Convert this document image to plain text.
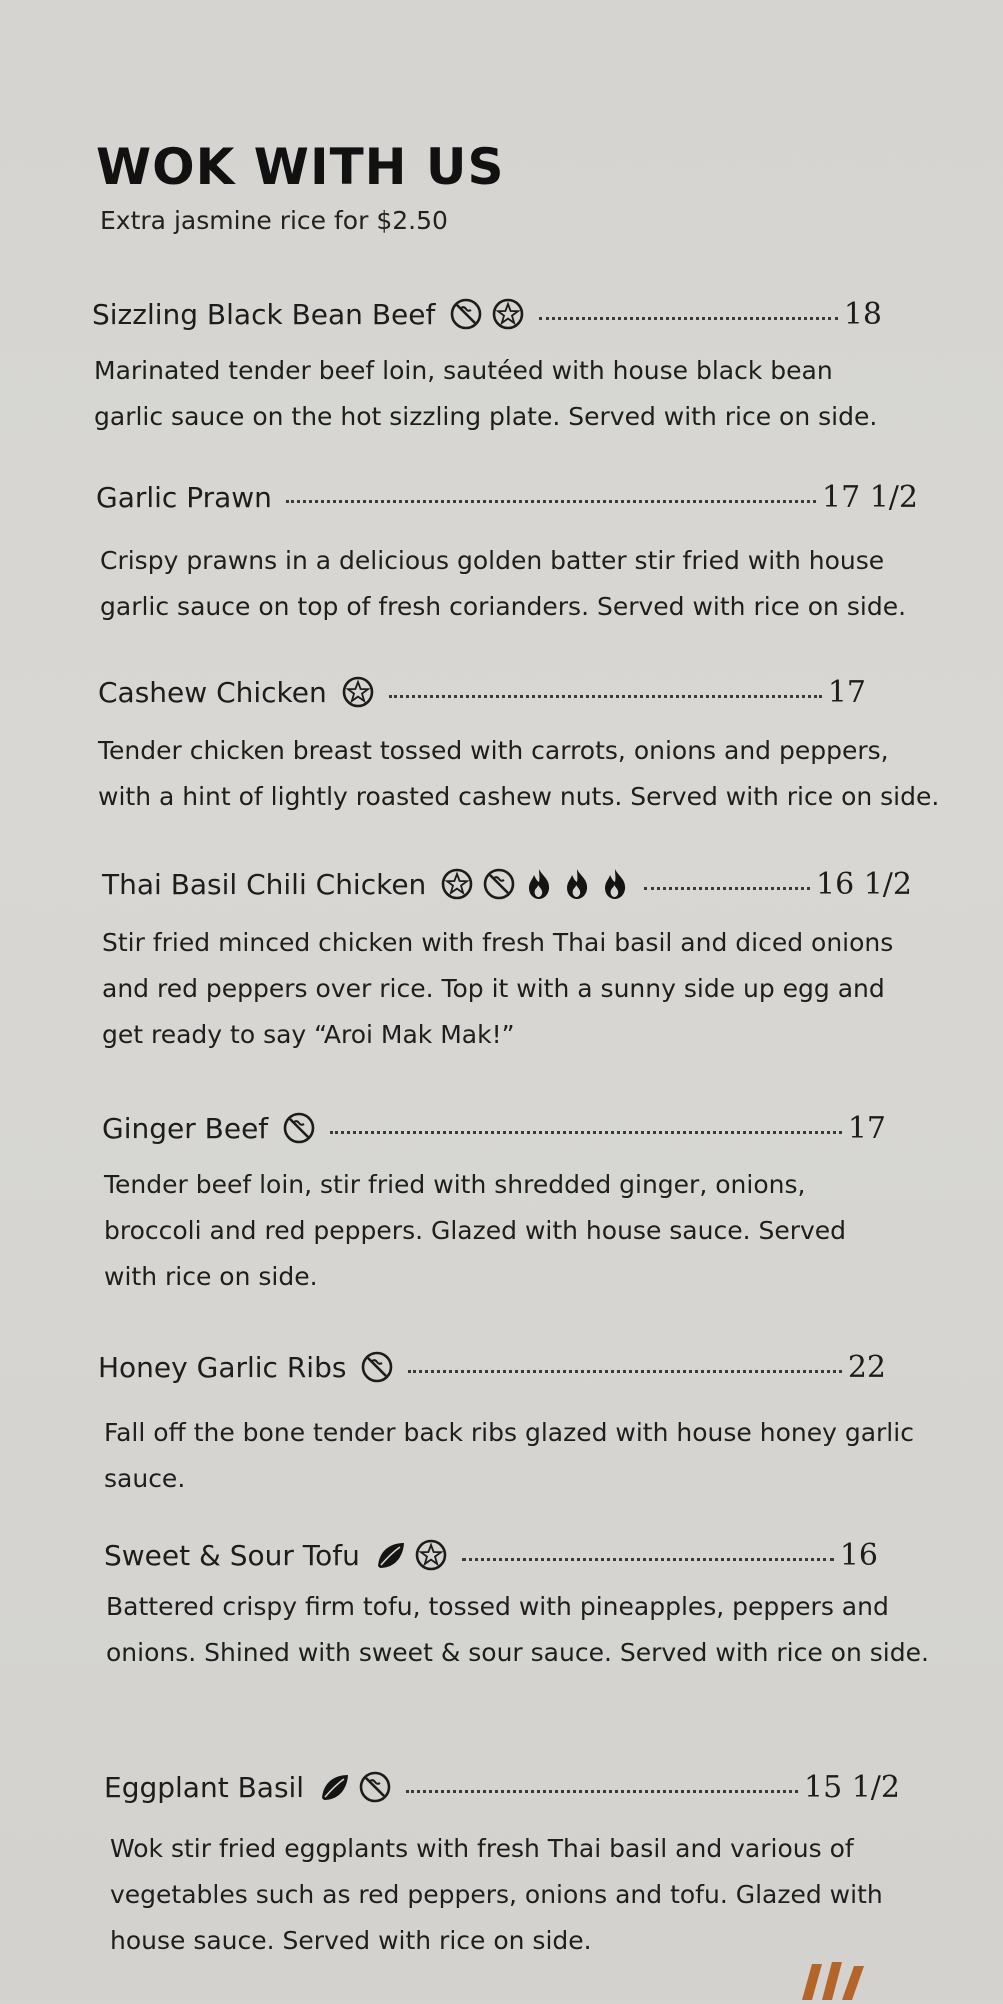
WOK WITH US
Extra jasmine rice for $2.50
Sizzling Black Bean Beef	18
Marinated tender beef loin, sautéed with house black bean
garlic sauce on the hot sizzling plate. Served with rice on side.
Garlic Prawn	17 1/2
Crispy prawns in a delicious golden batter stir fried with house
garlic sauce on top of fresh corianders. Served with rice on side.
Cashew Chicken	17
Tender chicken breast tossed with carrots, onions and peppers,
with a hint of lightly roasted cashew nuts. Served with rice on side.
Thai Basil Chili Chicken	16 1/2
Stir fried minced chicken with fresh Thai basil and diced onions
and red peppers over rice. Top it with a sunny side up egg and
get ready to say “Aroi Mak Mak!”
Ginger Beef	17
Tender beef loin, stir fried with shredded ginger, onions,
broccoli and red peppers. Glazed with house sauce. Served
with rice on side.
Honey Garlic Ribs	22
Fall off the bone tender back ribs glazed with house honey garlic
sauce.
Sweet & Sour Tofu	16
Battered crispy firm tofu, tossed with pineapples, peppers and
onions. Shined with sweet & sour sauce. Served with rice on side.
Eggplant Basil	15 1/2
Wok stir fried eggplants with fresh Thai basil and various of
vegetables such as red peppers, onions and tofu. Glazed with
house sauce. Served with rice on side.
